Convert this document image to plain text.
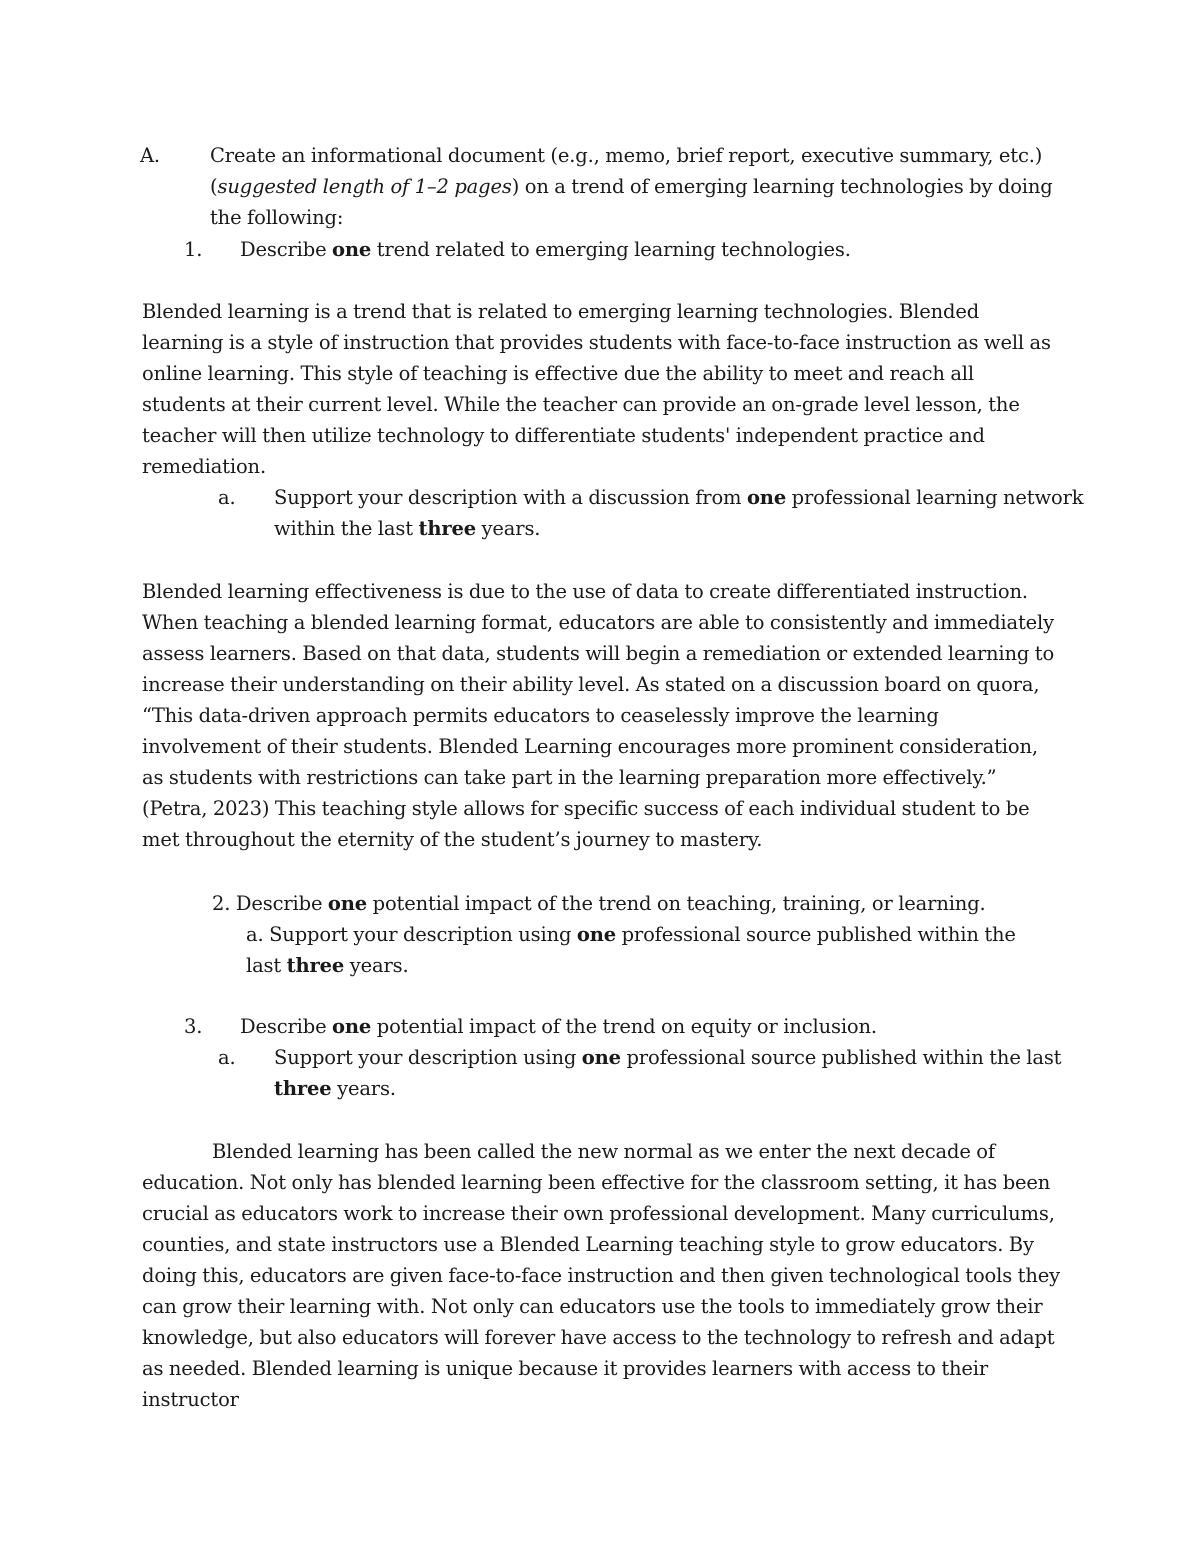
A.	Create an informational document (e.g., memo, brief report, executive summary, etc.) (suggested length of 1–2 pages) on a trend of emerging learning technologies by doing the following:
1. Describe one trend related to emerging learning technologies.

Blended learning is a trend that is related to emerging learning technologies. Blended learning is a style of instruction that provides students with face-to-face instruction as well as online learning. This style of teaching is effective due the ability to meet and reach all students at their current level. While the teacher can provide an on-grade level lesson, the teacher will then utilize technology to differentiate students' independent practice and remediation.

a. Support your description with a discussion from one professional learning network within the last three years.

Blended learning effectiveness is due to the use of data to create differentiated instruction. When teaching a blended learning format, educators are able to consistently and immediately assess learners. Based on that data, students will begin a remediation or extended learning to increase their understanding on their ability level. As stated on a discussion board on quora, “This data-driven approach permits educators to ceaselessly improve the learning involvement of their students. Blended Learning encourages more prominent consideration, as students with restrictions can take part in the learning preparation more effectively.” (Petra, 2023) This teaching style allows for specific success of each individual student to be met throughout the eternity of the student’s journey to mastery.

2. Describe one potential impact of the trend on teaching, training, or learning.
a. Support your description using one professional source published within the last three years.
3. Describe one potential impact of the trend on equity or inclusion.
a. Support your description using one professional source published within the last three years.

Blended learning has been called the new normal as we enter the next decade of education. Not only has blended learning been effective for the classroom setting, it has been crucial as educators work to increase their own professional development. Many curriculums, counties, and state instructors use a Blended Learning teaching style to grow educators. By doing this, educators are given face-to-face instruction and then given technological tools they can grow their learning with. Not only can educators use the tools to immediately grow their knowledge, but also educators will forever have access to the technology to refresh and adapt as needed. Blended learning is unique because it provides learners with access to their instructor
